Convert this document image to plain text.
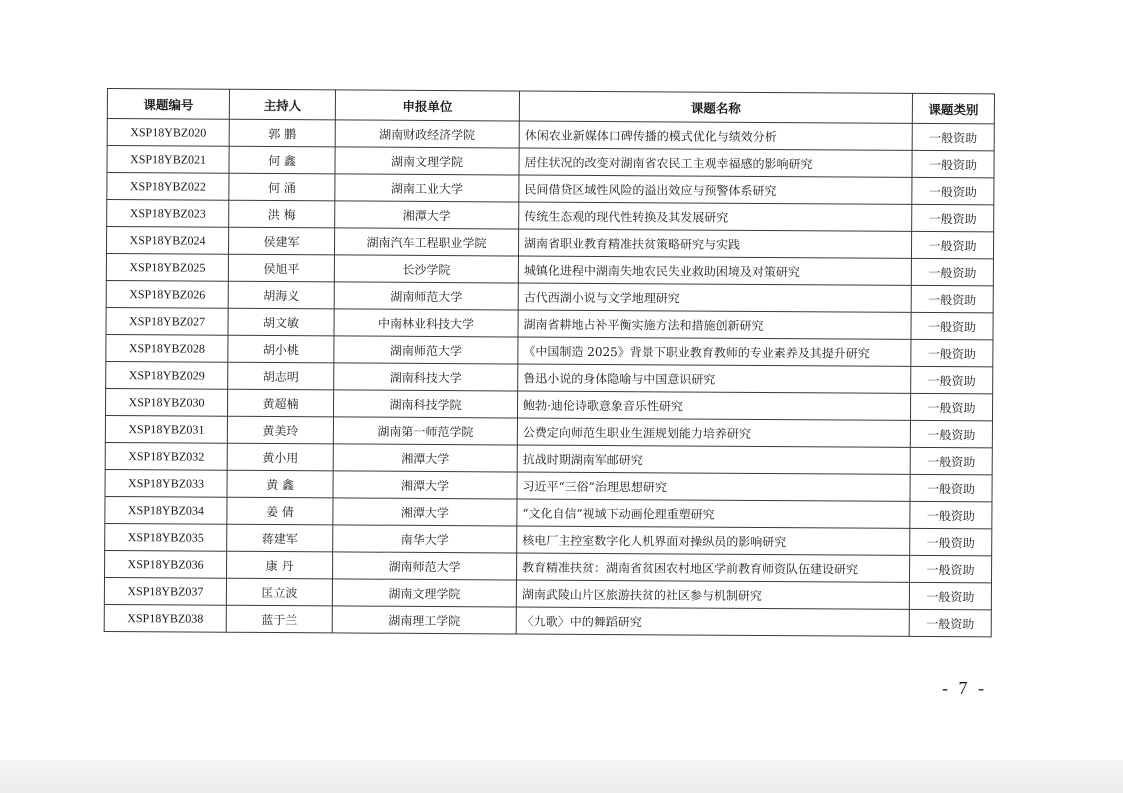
课题编号	主持人	申报单位	课题名称	课题类别
XSP18YBZ020	郭 鹏	湖南财政经济学院	休闲农业新媒体口碑传播的模式优化与绩效分析	一般资助
XSP18YBZ021	何 鑫	湖南文理学院	居住状况的改变对湖南省农民工主观幸福感的影响研究	一般资助
XSP18YBZ022	何 涌	湖南工业大学	民间借贷区域性风险的溢出效应与预警体系研究	一般资助
XSP18YBZ023	洪 梅	湘潭大学	传统生态观的现代性转换及其发展研究	一般资助
XSP18YBZ024	侯建军	湖南汽车工程职业学院	湖南省职业教育精准扶贫策略研究与实践	一般资助
XSP18YBZ025	侯旭平	长沙学院	城镇化进程中湖南失地农民失业救助困境及对策研究	一般资助
XSP18YBZ026	胡海义	湖南师范大学	古代西湖小说与文学地理研究	一般资助
XSP18YBZ027	胡文敏	中南林业科技大学	湖南省耕地占补平衡实施方法和措施创新研究	一般资助
XSP18YBZ028	胡小桃	湖南师范大学	《中国制造 2025》背景下职业教育教师的专业素养及其提升研究	一般资助
XSP18YBZ029	胡志明	湖南科技大学	鲁迅小说的身体隐喻与中国意识研究	一般资助
XSP18YBZ030	黄超楠	湖南科技学院	鲍勃·迪伦诗歌意象音乐性研究	一般资助
XSP18YBZ031	黄美玲	湖南第一师范学院	公费定向师范生职业生涯规划能力培养研究	一般资助
XSP18YBZ032	黄小用	湘潭大学	抗战时期湖南军邮研究	一般资助
XSP18YBZ033	黄 鑫	湘潭大学	习近平“三俗”治理思想研究	一般资助
XSP18YBZ034	姜 倩	湘潭大学	“文化自信”视域下动画伦理重塑研究	一般资助
XSP18YBZ035	蒋建军	南华大学	核电厂主控室数字化人机界面对操纵员的影响研究	一般资助
XSP18YBZ036	康 丹	湖南师范大学	教育精准扶贫：湖南省贫困农村地区学前教育师资队伍建设研究	一般资助
XSP18YBZ037	匡立波	湖南文理学院	湖南武陵山片区旅游扶贫的社区参与机制研究	一般资助
XSP18YBZ038	蓝于兰	湖南理工学院	〈九歌〉中的舞蹈研究	一般资助
- 7 -
